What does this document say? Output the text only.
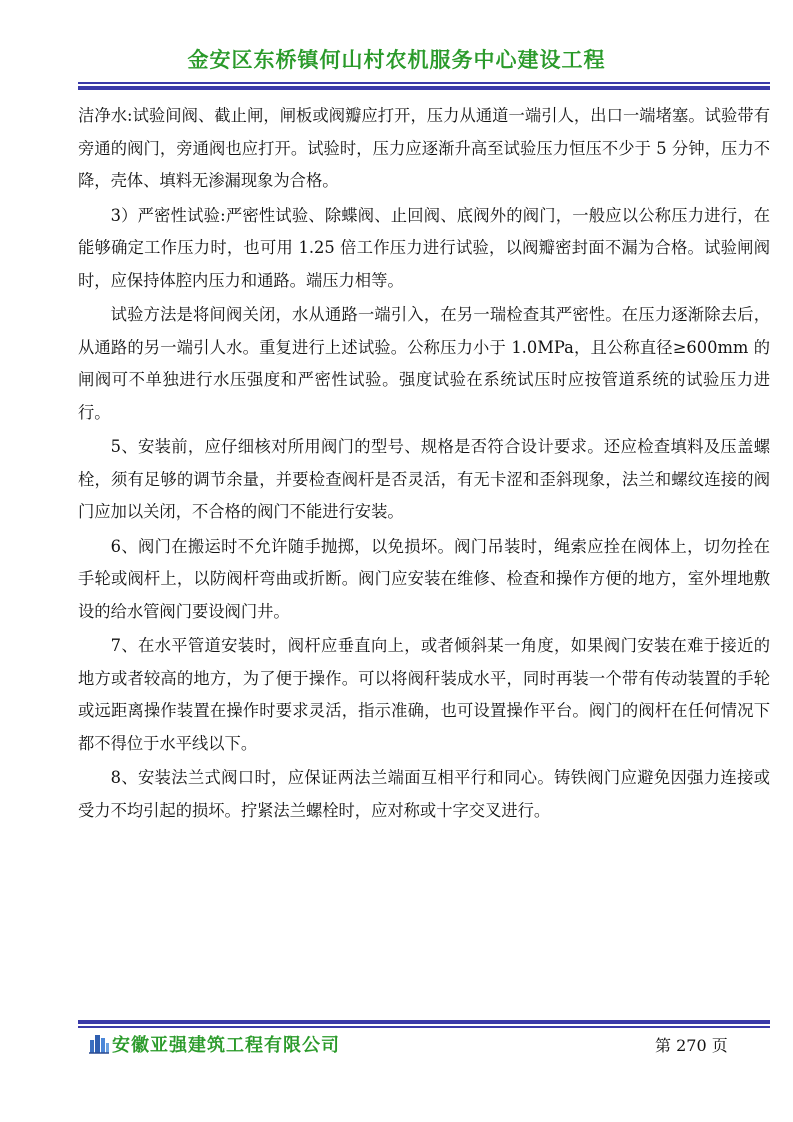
金安区东桥镇何山村农机服务中心建设工程

洁净水:试验间阀、截止闸，闸板或阀瓣应打开，压力从通道一端引人，出口一端堵塞。试验带有旁通的阀门，旁通阀也应打开。试验时，压力应逐渐升高至试验压力恒压不少于 5 分钟，压力不降，壳体、填料无渗漏现象为合格。

3）严密性试验:严密性试验、除蝶阀、止回阀、底阀外的阀门，一般应以公称压力进行，在能够确定工作压力时，也可用 1.25 倍工作压力进行试验，以阀瓣密封面不漏为合格。试验闸阀时，应保持体腔内压力和通路。端压力相等。

试验方法是将间阀关闭，水从通路一端引入，在另一瑞检查其严密性。在压力逐渐除去后，从通路的另一端引人水。重复进行上述试验。公称压力小于 1.0MPa，且公称直径≥600mm 的闸阀可不单独进行水压强度和严密性试验。强度试验在系统试压时应按管道系统的试验压力进行。

5、安装前，应仔细核对所用阀门的型号、规格是否符合设计要求。还应检查填料及压盖螺栓，须有足够的调节余量，并要检查阀杆是否灵活，有无卡涩和歪斜现象，法兰和螺纹连接的阀门应加以关闭，不合格的阀门不能进行安装。

6、阀门在搬运时不允许随手抛掷，以免损坏。阀门吊装时，绳索应拴在阀体上，切勿拴在手轮或阀杆上，以防阀杆弯曲或折断。阀门应安装在维修、检查和操作方便的地方，室外埋地敷设的给水管阀门要设阀门井。

7、在水平管道安装时，阀杆应垂直向上，或者倾斜某一角度，如果阀门安装在难于接近的地方或者较高的地方，为了便于操作。可以将阀秆装成水平，同时再装一个带有传动装置的手轮或远距离操作装置在操作时要求灵活，指示准确，也可设置操作平台。阀门的阀杆在任何情况下都不得位于水平线以下。

8、安装法兰式阀口时，应保证两法兰端面互相平行和同心。铸铁阀门应避免因强力连接或受力不均引起的损坏。拧紧法兰螺栓时，应对称或十字交叉进行。

安徽亚强建筑工程有限公司	第 270 页
